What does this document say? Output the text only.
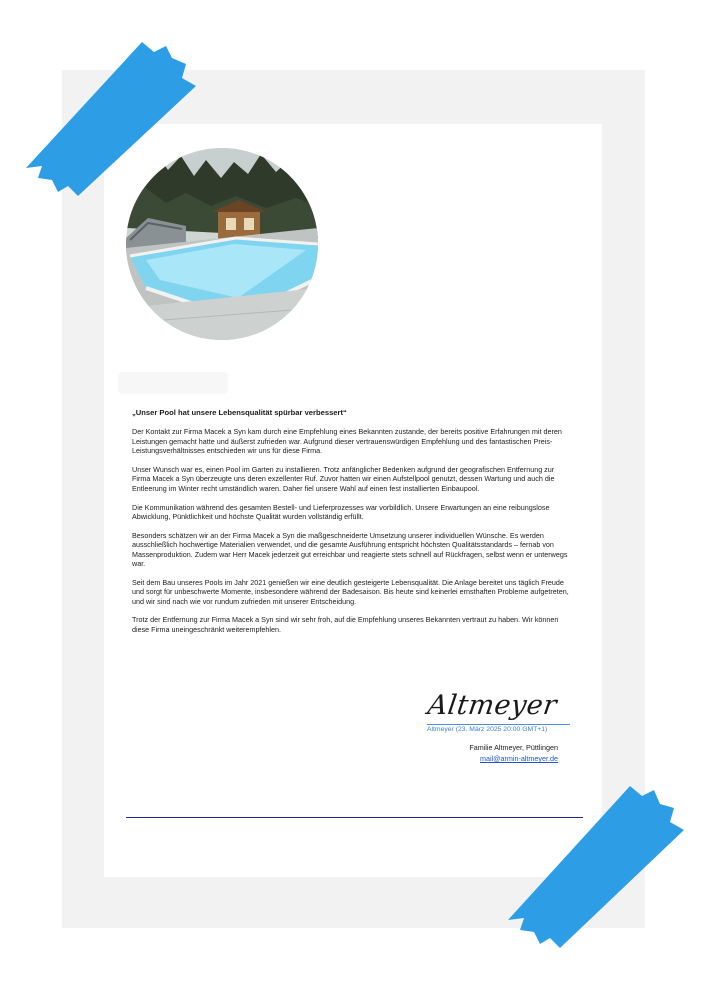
„Unser Pool hat unsere Lebensqualität spürbar verbessert“

Der Kontakt zur Firma Macek a Syn kam durch eine Empfehlung eines Bekannten zustande, der bereits positive Erfahrungen mit deren Leistungen gemacht hatte und äußerst zufrieden war. Aufgrund dieser vertrauenswürdigen Empfehlung und des fantastischen Preis-Leistungsverhältnisses entschieden wir uns für diese Firma.

Unser Wunsch war es, einen Pool im Garten zu installieren. Trotz anfänglicher Bedenken aufgrund der geografischen Entfernung zur Firma Macek a Syn überzeugte uns deren exzellenter Ruf. Zuvor hatten wir einen Aufstellpool genutzt, dessen Wartung und auch die Entleerung im Winter recht umständlich waren. Daher fiel unsere Wahl auf einen fest installierten Einbaupool.

Die Kommunikation während des gesamten Bestell- und Lieferprozesses war vorbildlich. Unsere Erwartungen an eine reibungslose Abwicklung, Pünktlichkeit und höchste Qualität wurden vollständig erfüllt.

Besonders schätzen wir an der Firma Macek a Syn die maßgeschneiderte Umsetzung unserer individuellen Wünsche. Es werden ausschließlich hochwertige Materialien verwendet, und die gesamte Ausführung entspricht höchsten Qualitätsstandards – fernab von Massenproduktion. Zudem war Herr Macek jederzeit gut erreichbar und reagierte stets schnell auf Rückfragen, selbst wenn er unterwegs war.

Seit dem Bau unseres Pools im Jahr 2021 genießen wir eine deutlich gesteigerte Lebensqualität. Die Anlage bereitet uns täglich Freude und sorgt für unbeschwerte Momente, insbesondere während der Badesaison. Bis heute sind keinerlei ernsthaften Probleme aufgetreten, und wir sind nach wie vor rundum zufrieden mit unserer Entscheidung.

Trotz der Entfernung zur Firma Macek a Syn sind wir sehr froh, auf die Empfehlung unseres Bekannten vertraut zu haben. Wir können diese Firma uneingeschränkt weiterempfehlen.

Altmeyer
Altmeyer (23. März 2025 20:00 GMT+1)
Familie Altmeyer, Püttlingen
mail@armin-altmeyer.de
